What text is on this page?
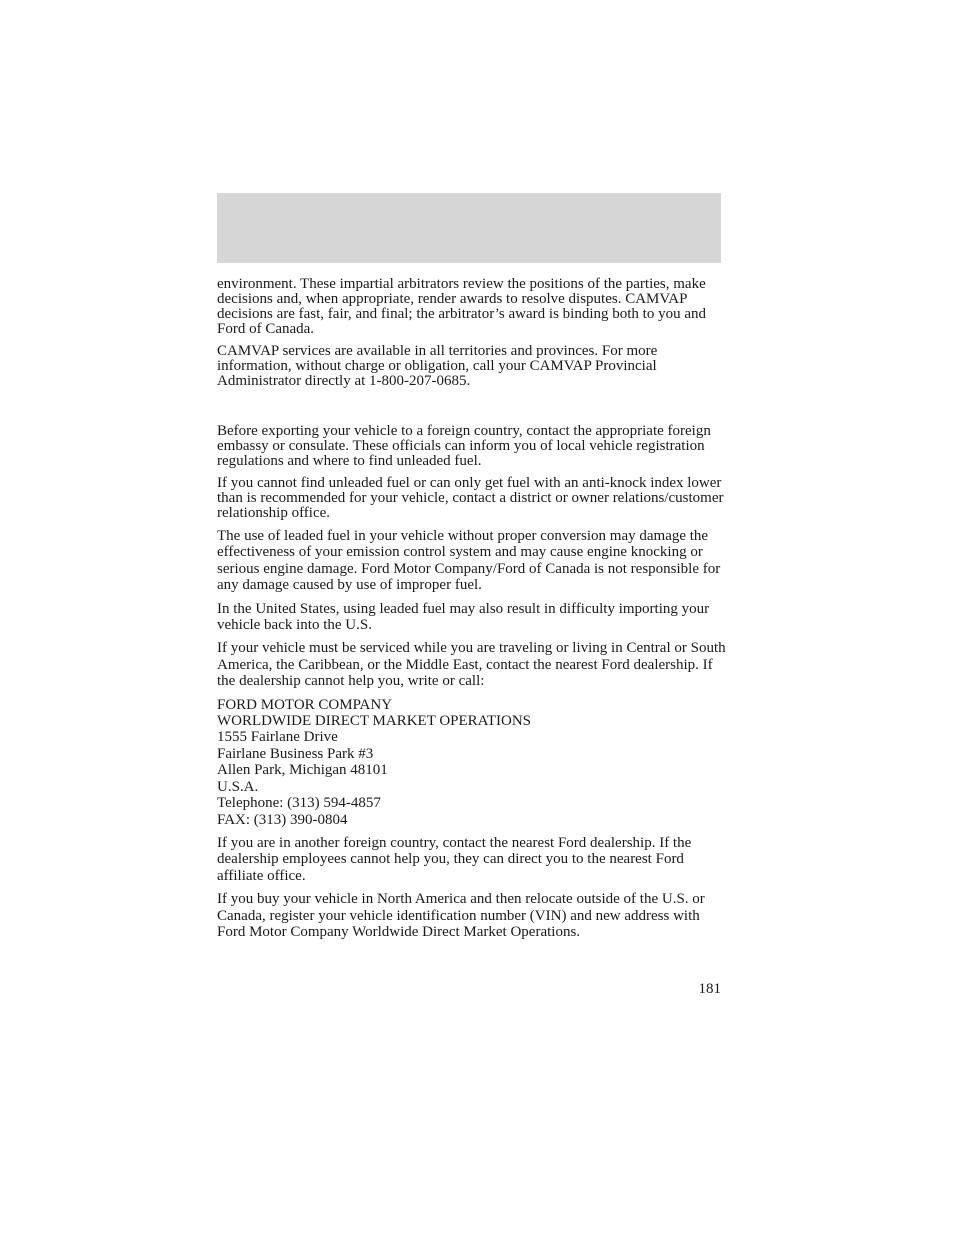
environment. These impartial arbitrators review the positions of the parties, make decisions and, when appropriate, render awards to resolve disputes. CAMVAP decisions are fast, fair, and final; the arbitrator’s award is binding both to you and Ford of Canada.

CAMVAP services are available in all territories and provinces. For more information, without charge or obligation, call your CAMVAP Provincial Administrator directly at 1-800-207-0685.

Before exporting your vehicle to a foreign country, contact the appropriate foreign embassy or consulate. These officials can inform you of local vehicle registration regulations and where to find unleaded fuel.

If you cannot find unleaded fuel or can only get fuel with an anti-knock index lower than is recommended for your vehicle, contact a district or owner relations/customer relationship office.

The use of leaded fuel in your vehicle without proper conversion may damage the effectiveness of your emission control system and may cause engine knocking or serious engine damage. Ford Motor Company/Ford of Canada is not responsible for any damage caused by use of improper fuel.

In the United States, using leaded fuel may also result in difficulty importing your vehicle back into the U.S.

If your vehicle must be serviced while you are traveling or living in Central or South America, the Caribbean, or the Middle East, contact the nearest Ford dealership. If the dealership cannot help you, write or call:

FORD MOTOR COMPANY
WORLDWIDE DIRECT MARKET OPERATIONS
1555 Fairlane Drive
Fairlane Business Park #3
Allen Park, Michigan 48101
U.S.A.
Telephone: (313) 594-4857
FAX: (313) 390-0804

If you are in another foreign country, contact the nearest Ford dealership. If the dealership employees cannot help you, they can direct you to the nearest Ford affiliate office.

If you buy your vehicle in North America and then relocate outside of the U.S. or Canada, register your vehicle identification number (VIN) and new address with Ford Motor Company Worldwide Direct Market Operations.

181
